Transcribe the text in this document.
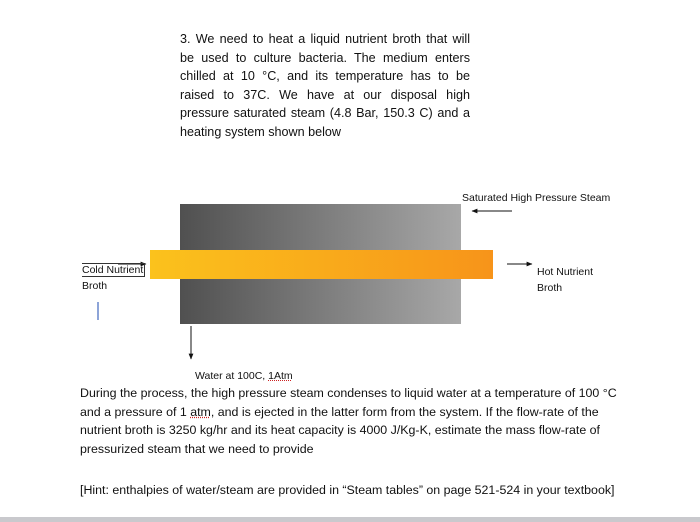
3. We need to heat a liquid nutrient broth that will be used to culture bacteria. The medium enters chilled at 10 °C, and its temperature has to be raised to 37C. We have at our disposal high pressure saturated steam (4.8 Bar, 150.3 C) and a heating system shown below

Saturated High Pressure Steam
Cold Nutrient
Broth
Hot Nutrient
Broth
Water at 100C, 1Atm

During the process, the high pressure steam condenses to liquid water at a temperature of 100 °C and a pressure of 1 atm, and is ejected in the latter form from the system. If the flow-rate of the nutrient broth is 3250 kg/hr and its heat capacity is 4000 J/Kg-K, estimate the mass flow-rate of pressurized steam that we need to provide

[Hint: enthalpies of water/steam are provided in “Steam tables” on page 521-524 in your textbook]
